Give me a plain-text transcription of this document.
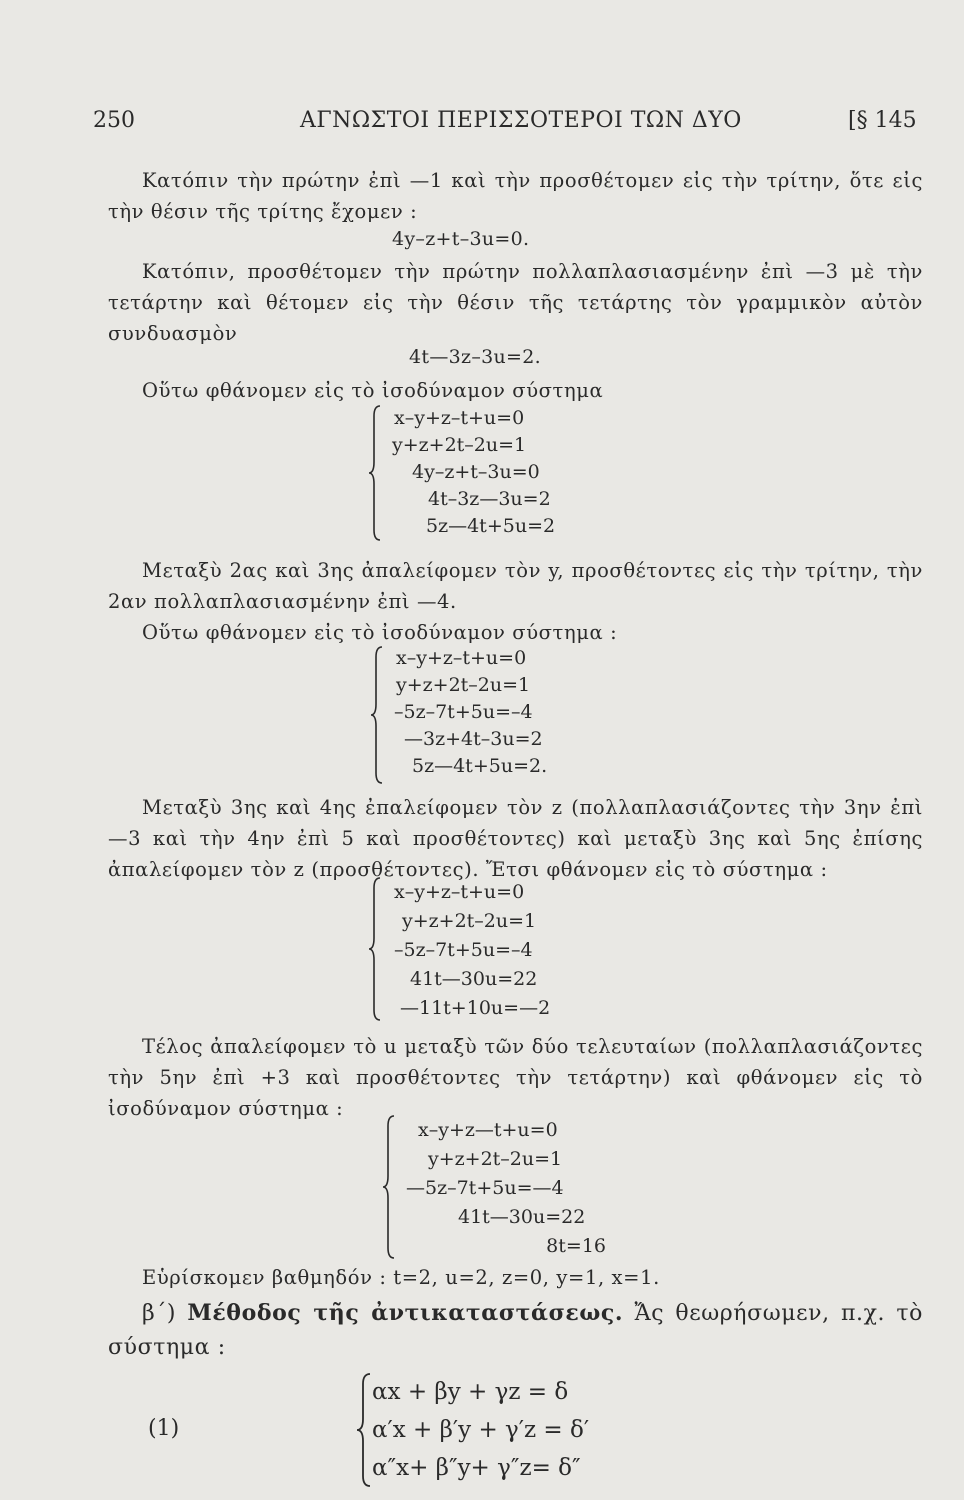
250	ΑΓΝΩΣΤΟΙ ΠΕΡΙΣΣΟΤΕΡΟΙ ΤΩΝ ΔΥΟ	[§ 145
Κατόπιν τὴν πρώτην ἐπὶ —1 καὶ τὴν προσθέτομεν εἰς τὴν τρίτην, ὅτε εἰς τὴν θέσιν τῆς τρίτης ἔχομεν :
4y–z+t–3u=0.
Κατόπιν, προσθέτομεν τὴν πρώτην πολλαπλασιασμένην ἐπὶ —3 μὲ τὴν τετάρτην καὶ θέτομεν εἰς τὴν θέσιν τῆς τετάρτης τὸν γραμμικὸν αὐτὸν συνδυασμὸν
4t—3z–3u=2.
Οὕτω φθάνομεν εἰς τὸ ἰσοδύναμον σύστημα
x–y+z–t+u=0
y+z+2t–2u=1
4y–z+t–3u=0
4t–3z—3u=2
5z—4t+5u=2
Μεταξὺ 2ας καὶ 3ης ἀπαλείφομεν τὸν y, προσθέτοντες εἰς τὴν τρίτην, τὴν 2αν πολλαπλασιασμένην ἐπὶ —4.
Οὕτω φθάνομεν εἰς τὸ ἰσοδύναμον σύστημα :
x–y+z–t+u=0
y+z+2t–2u=1
–5z–7t+5u=–4
—3z+4t–3u=2
5z—4t+5u=2.
Μεταξὺ 3ης καὶ 4ης ἐπαλείφομεν τὸν z (πολλαπλασιάζοντες τὴν 3ην ἐπὶ —3 καὶ τὴν 4ην ἐπὶ 5 καὶ προσθέτοντες) καὶ μεταξὺ 3ης καὶ 5ης ἐπίσης ἀπαλείφομεν τὸν z (προσθέτοντες). Ἔτσι φθάνομεν εἰς τὸ σύστημα :
x–y+z–t+u=0
y+z+2t–2u=1
–5z–7t+5u=–4
41t—30u=22
—11t+10u=—2
Τέλος ἀπαλείφομεν τὸ u μεταξὺ τῶν δύο τελευταίων (πολλαπλασιάζοντες τὴν 5ην ἐπὶ +3 καὶ προσθέτοντες τὴν τετάρτην) καὶ φθάνομεν εἰς τὸ ἰσοδύναμον σύστημα :
x–y+z—t+u=0
y+z+2t–2u=1
—5z–7t+5u=—4
41t—30u=22
8t=16
Εὑρίσκομεν βαθμηδόν : t=2, u=2, z=0, y=1, x=1.
β΄) Μέθοδος τῆς ἀντικαταστάσεως. Ἄς θεωρήσωμεν, π.χ. τὸ σύστημα :
(1)
αx + βy + γz = δ
α′x + β′y + γ′z = δ′
α″x+ β″y+ γ″z= δ″
